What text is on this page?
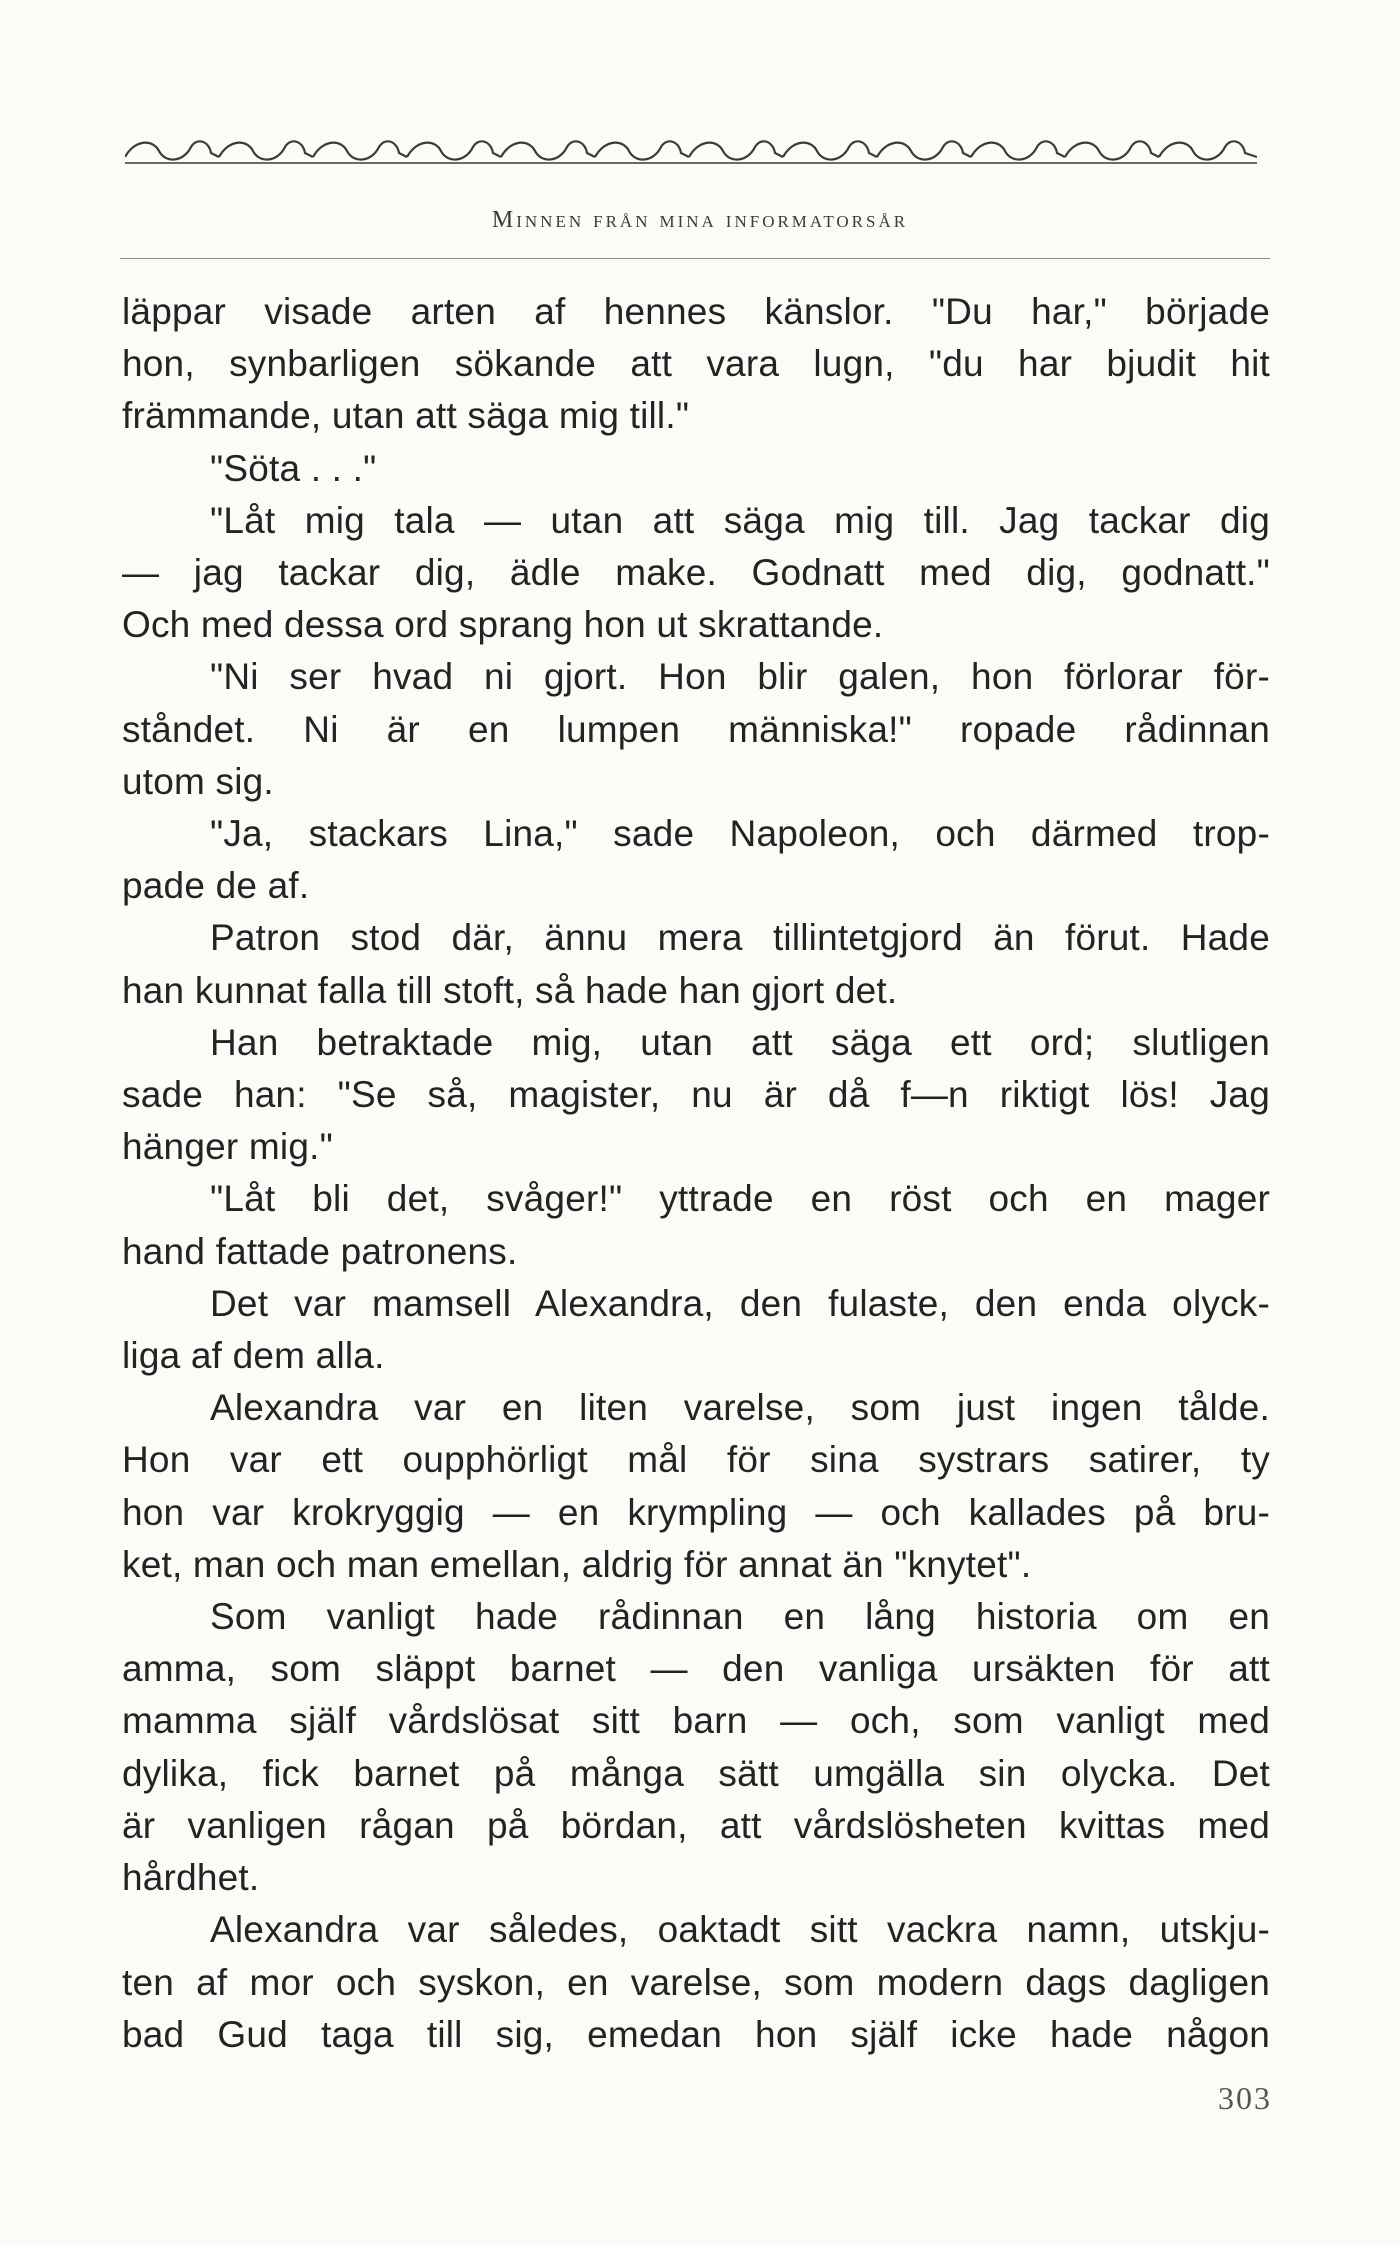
Minnen från mina informatorsår

läppar visade arten af hennes känslor. "Du har," började

hon, synbarligen sökande att vara lugn, "du har bjudit hit

främmande, utan att säga mig till."

"Söta . . ."

"Låt mig tala — utan att säga mig till. Jag tackar dig

— jag tackar dig, ädle make. Godnatt med dig, godnatt."

Och med dessa ord sprang hon ut skrattande.

"Ni ser hvad ni gjort. Hon blir galen, hon förlorar för-

ståndet. Ni är en lumpen människa!" ropade rådinnan

utom sig.

"Ja, stackars Lina," sade Napoleon, och därmed trop-

pade de af.

Patron stod där, ännu mera tillintetgjord än förut. Hade

han kunnat falla till stoft, så hade han gjort det.

Han betraktade mig, utan att säga ett ord; slutligen

sade han: "Se så, magister, nu är då f—n riktigt lös! Jag

hänger mig."

"Låt bli det, svåger!" yttrade en röst och en mager

hand fattade patronens.

Det var mamsell Alexandra, den fulaste, den enda olyck-

liga af dem alla.

Alexandra var en liten varelse, som just ingen tålde.

Hon var ett oupphörligt mål för sina systrars satirer, ty

hon var krokryggig — en krympling — och kallades på bru-

ket, man och man emellan, aldrig för annat än "knytet".

Som vanligt hade rådinnan en lång historia om en

amma, som släppt barnet — den vanliga ursäkten för att

mamma själf vårdslösat sitt barn — och, som vanligt med

dylika, fick barnet på många sätt umgälla sin olycka. Det

är vanligen rågan på bördan, att vårdslösheten kvittas med

hårdhet.

Alexandra var således, oaktadt sitt vackra namn, utskju-

ten af mor och syskon, en varelse, som modern dags dagligen

bad Gud taga till sig, emedan hon själf icke hade någon

303
